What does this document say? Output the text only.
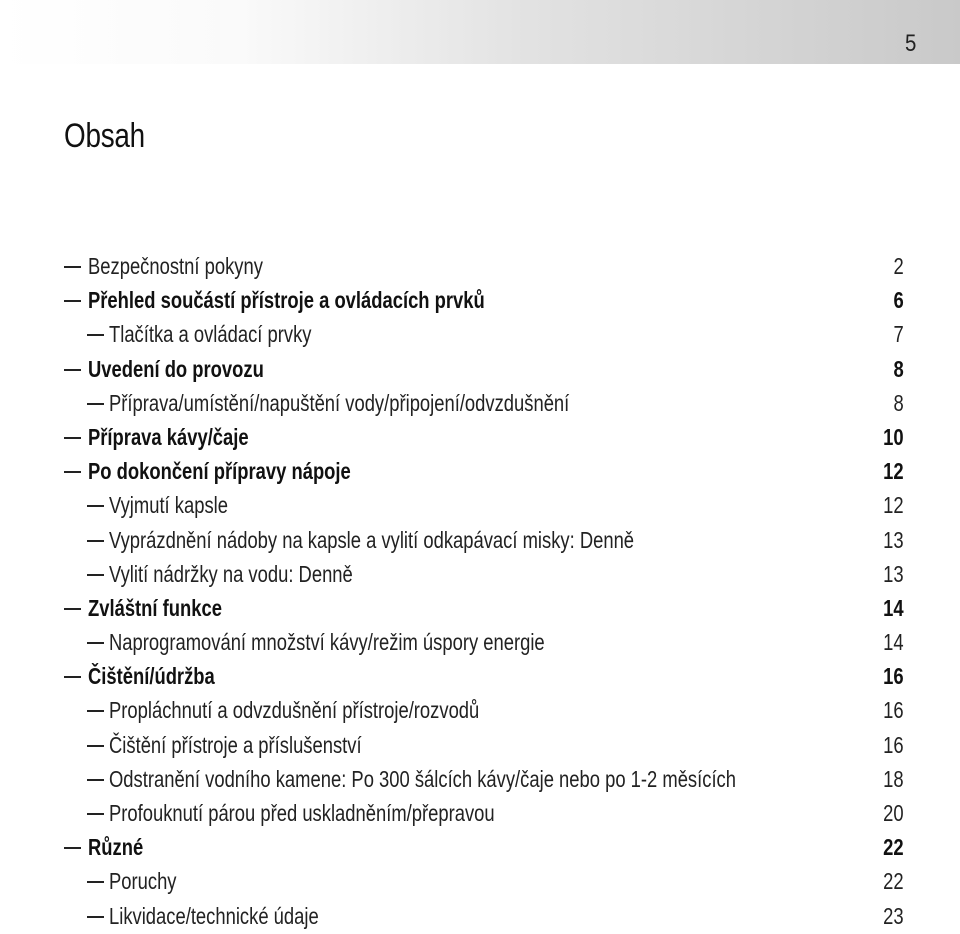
5
Obsah
Bezpečnostní pokyny	2
Přehled součástí přístroje a ovládacích prvků	6
Tlačítka a ovládací prvky	7
Uvedení do provozu	8
Příprava/umístění/napuštění vody/připojení/odvzdušnění	8
Příprava kávy/čaje	10
Po dokončení přípravy nápoje	12
Vyjmutí kapsle	12
Vyprázdnění nádoby na kapsle a vylití odkapávací misky: Denně	13
Vylití nádržky na vodu: Denně	13
Zvláštní funkce	14
Naprogramování množství kávy/režim úspory energie	14
Čištění/údržba	16
Propláchnutí a odvzdušnění přístroje/rozvodů	16
Čištění přístroje a příslušenství	16
Odstranění vodního kamene: Po 300 šálcích kávy/čaje nebo po 1-2 měsících	18
Profouknutí párou před uskladněním/přepravou	20
Různé	22
Poruchy	22
Likvidace/technické údaje	23
